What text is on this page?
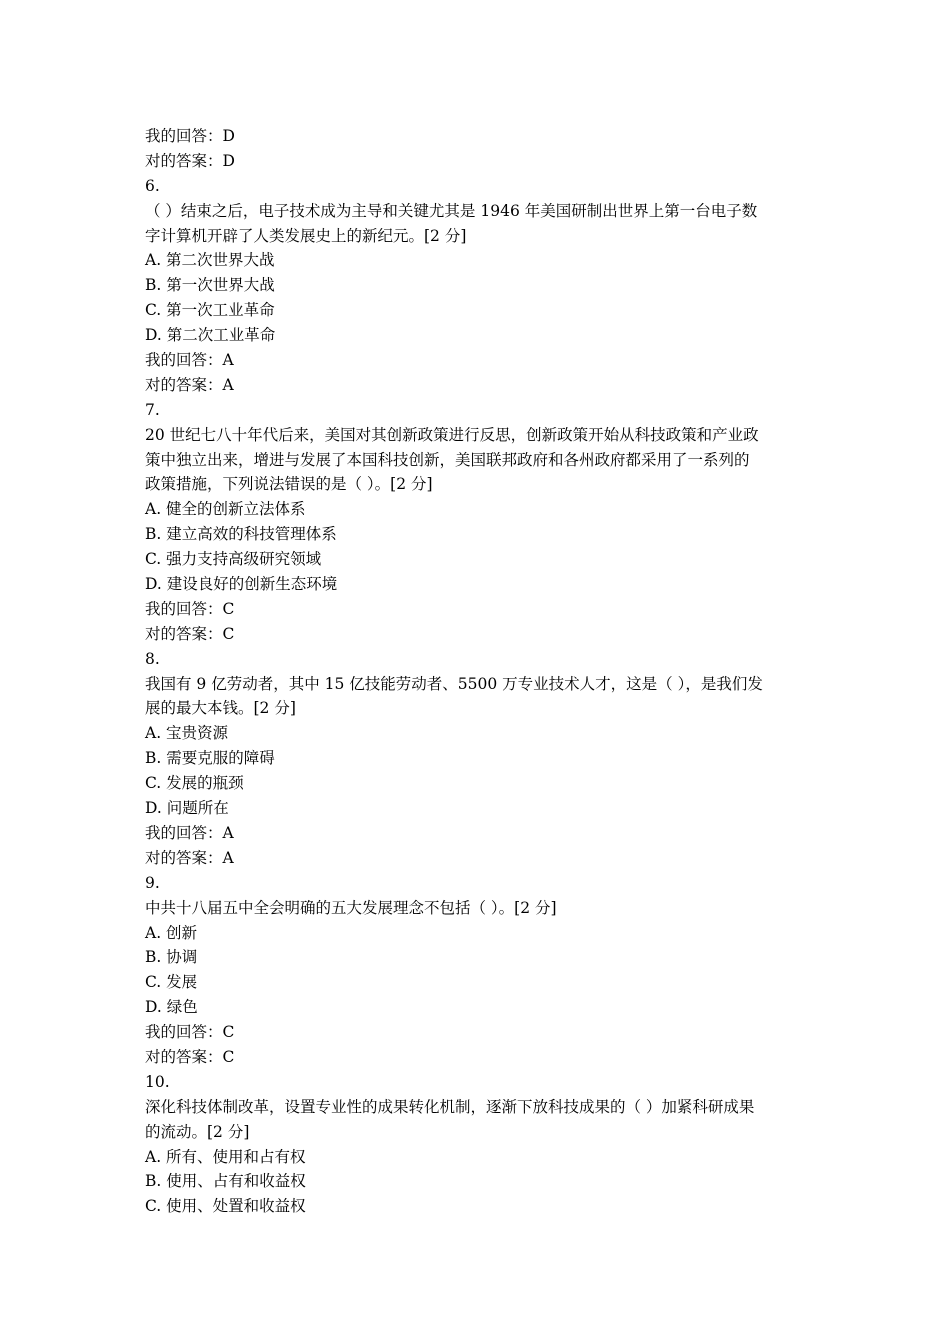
我的回答：D
对的答案：D
6.
（ ）结束之后，电子技术成为主导和关键尤其是 1946 年美国研制出世界上第一台电子数
字计算机开辟了人类发展史上的新纪元。[2 分]
A. 第二次世界大战
B. 第一次世界大战
C. 第一次工业革命
D. 第二次工业革命
我的回答：A
对的答案：A
7.
20 世纪七八十年代后来，美国对其创新政策进行反思，创新政策开始从科技政策和产业政
策中独立出来，增进与发展了本国科技创新，美国联邦政府和各州政府都采用了一系列的
政策措施，下列说法错误的是（ ）。[2 分]
A. 健全的创新立法体系
B. 建立高效的科技管理体系
C. 强力支持高级研究领域
D. 建设良好的创新生态环境
我的回答：C
对的答案：C
8.
我国有 9 亿劳动者，其中 15 亿技能劳动者、5500 万专业技术人才，这是（ ），是我们发
展的最大本钱。[2 分]
A. 宝贵资源
B. 需要克服的障碍
C. 发展的瓶颈
D. 问题所在
我的回答：A
对的答案：A
9.
中共十八届五中全会明确的五大发展理念不包括（ ）。[2 分]
A. 创新
B. 协调
C. 发展
D. 绿色
我的回答：C
对的答案：C
10.
深化科技体制改革，设置专业性的成果转化机制，逐渐下放科技成果的（ ）加紧科研成果
的流动。[2 分]
A. 所有、使用和占有权
B. 使用、占有和收益权
C. 使用、处置和收益权
